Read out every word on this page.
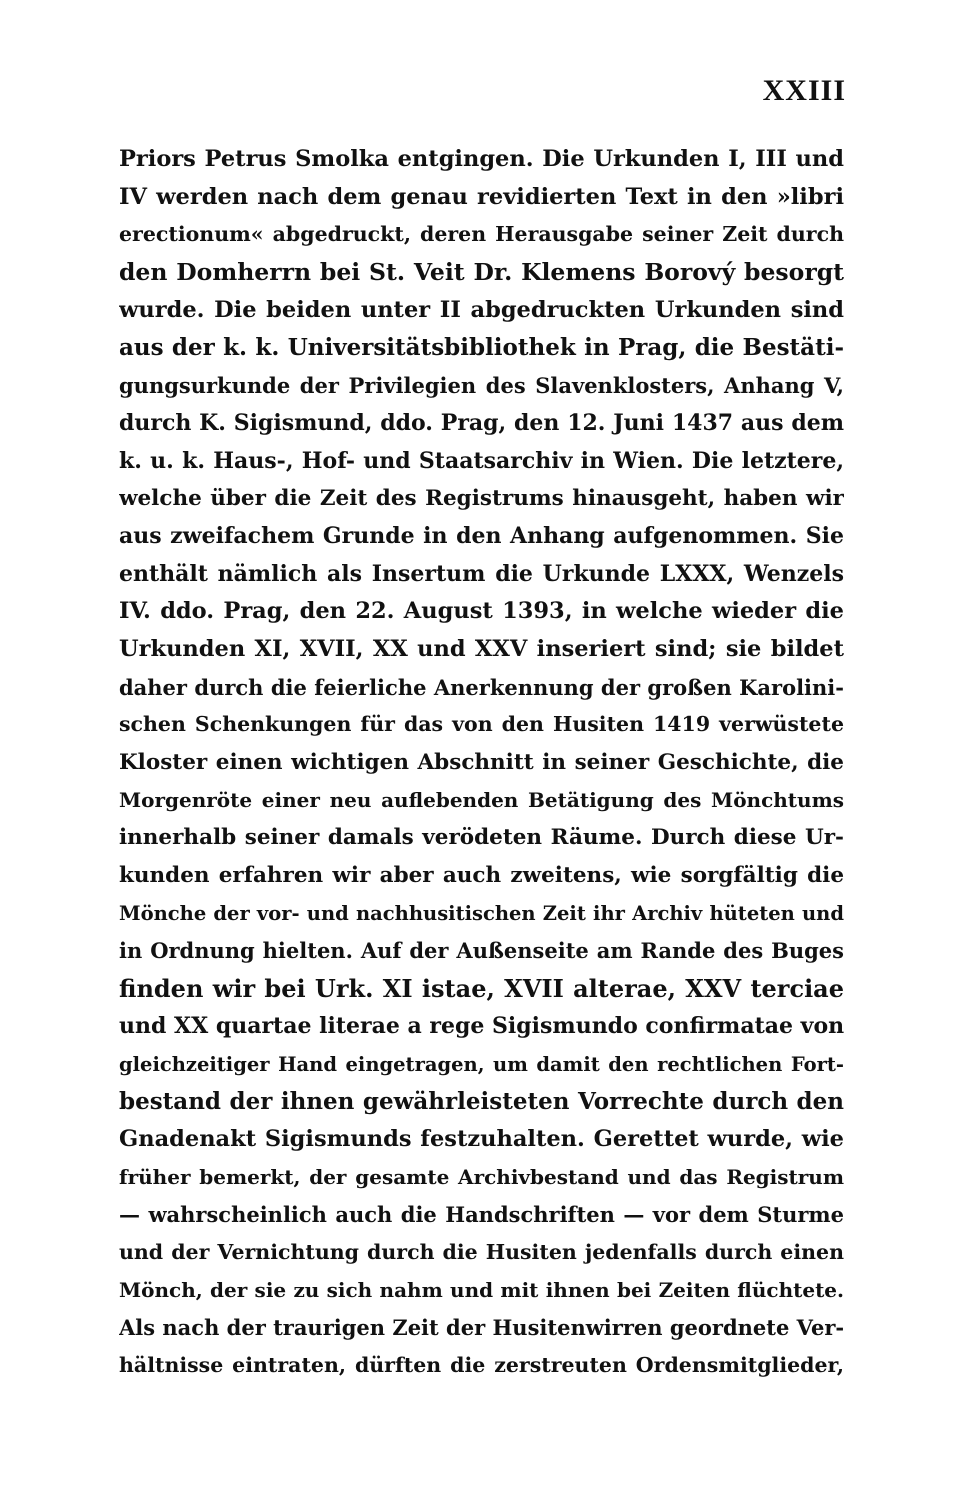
XXIII
Priors Petrus Smolka entgingen. Die Urkunden I, III und
IV werden nach dem genau revidierten Text in den »libri
erectionum« abgedruckt, deren Herausgabe seiner Zeit durch
den Domherrn bei St. Veit Dr. Klemens Borový besorgt
wurde. Die beiden unter II abgedruckten Urkunden sind
aus der k. k. Universitätsbibliothek in Prag, die Bestäti-
gungsurkunde der Privilegien des Slavenklosters, Anhang V,
durch K. Sigismund, ddo. Prag, den 12. Juni 1437 aus dem
k. u. k. Haus-, Hof- und Staatsarchiv in Wien. Die letztere,
welche über die Zeit des Registrums hinausgeht, haben wir
aus zweifachem Grunde in den Anhang aufgenommen. Sie
enthält nämlich als Insertum die Urkunde LXXX, Wenzels
IV. ddo. Prag, den 22. August 1393, in welche wieder die
Urkunden XI, XVII, XX und XXV inseriert sind; sie bildet
daher durch die feierliche Anerkennung der großen Karolini-
schen Schenkungen für das von den Husiten 1419 verwüstete
Kloster einen wichtigen Abschnitt in seiner Geschichte, die
Morgenröte einer neu auflebenden Betätigung des Mönchtums
innerhalb seiner damals verödeten Räume. Durch diese Ur-
kunden erfahren wir aber auch zweitens, wie sorgfältig die
Mönche der vor- und nachhusitischen Zeit ihr Archiv hüteten und
in Ordnung hielten. Auf der Außenseite am Rande des Buges
finden wir bei Urk. XI istae, XVII alterae, XXV terciae
und XX quartae literae a rege Sigismundo confirmatae von
gleichzeitiger Hand eingetragen, um damit den rechtlichen Fort-
bestand der ihnen gewährleisteten Vorrechte durch den
Gnadenakt Sigismunds festzuhalten. Gerettet wurde, wie
früher bemerkt, der gesamte Archivbestand und das Registrum
— wahrscheinlich auch die Handschriften — vor dem Sturme
und der Vernichtung durch die Husiten jedenfalls durch einen
Mönch, der sie zu sich nahm und mit ihnen bei Zeiten flüchtete.
Als nach der traurigen Zeit der Husitenwirren geordnete Ver-
hältnisse eintraten, dürften die zerstreuten Ordensmitglieder,
